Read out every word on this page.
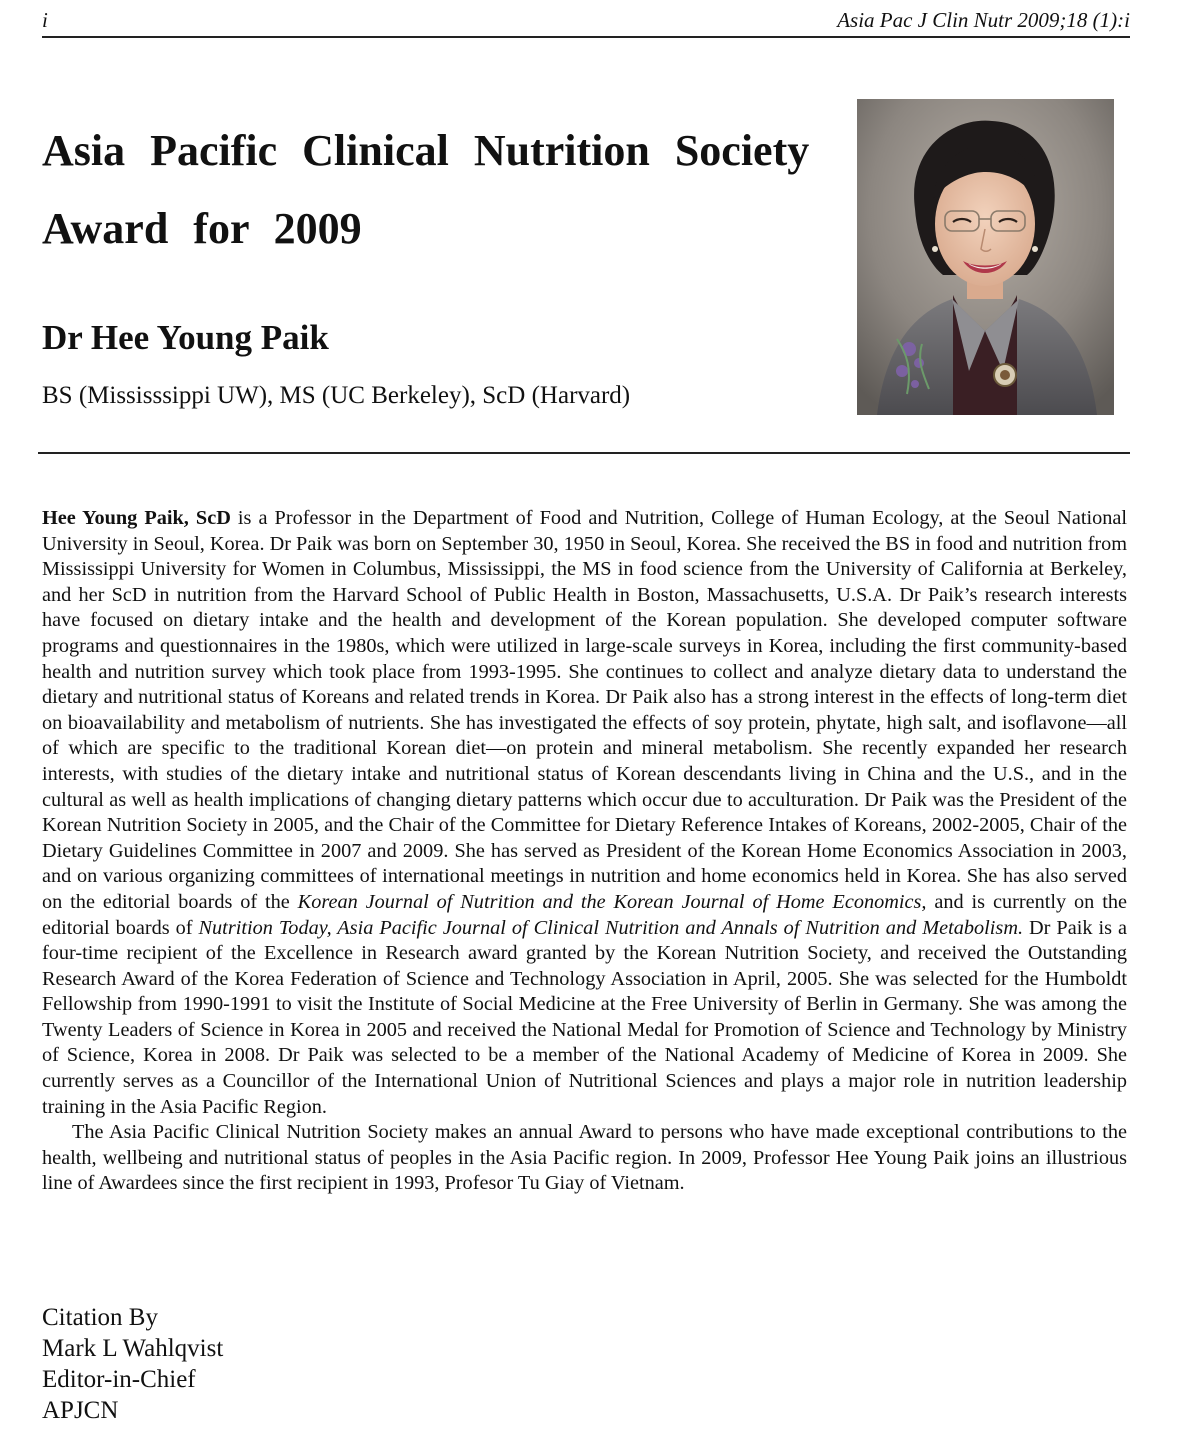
i	Asia Pac J Clin Nutr 2009;18 (1):i
Asia Pacific Clinical Nutrition Society
Award for 2009
Dr Hee Young Paik
BS (Mississsippi UW), MS (UC Berkeley), ScD (Harvard)

Hee Young Paik, ScD is a Professor in the Department of Food and Nutrition, College of Human Ecology, at the Seoul National University in Seoul, Korea. Dr Paik was born on September 30, 1950 in Seoul, Korea. She received the BS in food and nutrition from Mississippi University for Women in Columbus, Mississippi, the MS in food science from the University of California at Berkeley, and her ScD in nutrition from the Harvard School of Public Health in Boston, Massachusetts, U.S.A. Dr Paik’s research interests have focused on dietary intake and the health and development of the Korean population. She developed computer software programs and questionnaires in the 1980s, which were utilized in large-scale surveys in Korea, including the first community-based health and nutrition survey which took place from 1993-1995. She continues to collect and analyze dietary data to understand the dietary and nutritional status of Koreans and related trends in Korea. Dr Paik also has a strong interest in the effects of long-term diet on bioavailability and metabolism of nutrients. She has investigated the effects of soy protein, phytate, high salt, and isoflavone—all of which are specific to the traditional Korean diet—on protein and mineral metabolism. She recently expanded her research interests, with studies of the dietary intake and nutritional status of Korean descendants living in China and the U.S., and in the cultural as well as health implications of changing dietary patterns which occur due to acculturation. Dr Paik was the President of the Korean Nutrition Society in 2005, and the Chair of the Committee for Dietary Reference Intakes of Koreans, 2002-2005, Chair of the Dietary Guidelines Committee in 2007 and 2009. She has served as President of the Korean Home Economics Association in 2003, and on various organizing committees of international meetings in nutrition and home economics held in Korea. She has also served on the editorial boards of the Korean Journal of Nutrition and the Korean Journal of Home Economics, and is currently on the editorial boards of Nutrition Today, Asia Pacific Journal of Clinical Nutrition and Annals of Nutrition and Metabolism. Dr Paik is a four-time recipient of the Excellence in Research award granted by the Korean Nutrition Society, and received the Outstanding Research Award of the Korea Federation of Science and Technology Association in April, 2005. She was selected for the Humboldt Fellowship from 1990-1991 to visit the Institute of Social Medicine at the Free University of Berlin in Germany. She was among the Twenty Leaders of Science in Korea in 2005 and received the National Medal for Promotion of Science and Technology by Ministry of Science, Korea in 2008. Dr Paik was selected to be a member of the National Academy of Medicine of Korea in 2009. She currently serves as a Councillor of the International Union of Nutritional Sciences and plays a major role in nutrition leadership training in the Asia Pacific Region.

The Asia Pacific Clinical Nutrition Society makes an annual Award to persons who have made exceptional contributions to the health, wellbeing and nutritional status of peoples in the Asia Pacific region. In 2009, Professor Hee Young Paik joins an illustrious line of Awardees since the first recipient in 1993, Profesor Tu Giay of Vietnam.

Citation By
Mark L Wahlqvist
Editor-in-Chief
APJCN
